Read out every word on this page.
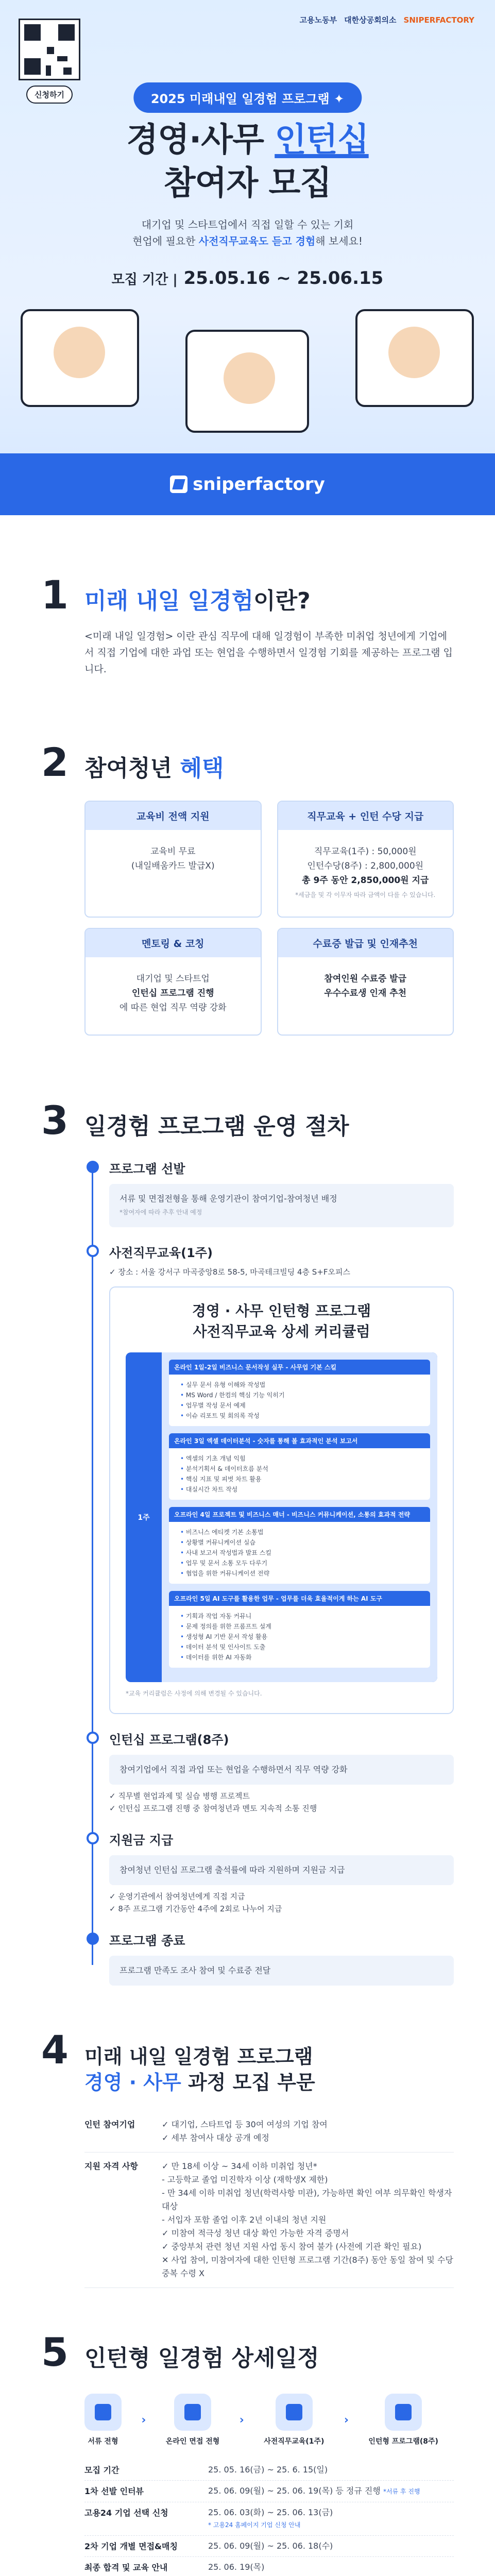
신청하기
고용노동부 대한상공회의소 SNIPERFACTORY
2025 미래내일 일경험 프로그램 ✦
경영·사무 인턴십
참여자 모집
대기업 및 스타트업에서 직접 일할 수 있는 기회
현업에 필요한 사전직무교육도 듣고 경험해 보세요!
모집 기간 | 25.05.16 ~ 25.06.15
sniperfactory
1 미래 내일 일경험이란?
<미래 내일 일경험> 이란 관심 직무에 대해 일경험이 부족한 미취업 청년에게 기업에서 직접 기업에 대한 과업 또는 현업을 수행하면서 일경험 기회를 제공하는 프로그램 입니다.
2 참여청년 혜택
교육비 전액 지원
교육비 무료
(내일배움카드 발급X)
직무교육 + 인턴 수당 지급
직무교육(1주) : 50,000원
인턴수당(8주) : 2,800,000원
총 9주 동안 2,850,000원 지급
*세금을 및 각 이무자 따라 금액이 다를 수 있습니다.
멘토링 & 코칭
대기업 및 스타트업
인턴십 프로그램 진행
에 따른 현업 직무 역량 강화
수료증 발급 및 인재추천
참여인원 수료증 발급
우수수료생 인재 추천
3 일경험 프로그램 운영 절차
프로그램 선발
서류 및 면접전형을 통해 운영기관이 참여기업-참여청년 배정
*참여자에 따라 추후 안내 예정
사전직무교육(1주)
✓ 장소 : 서울 강서구 마곡중앙8로 58-5, 마곡테크빌딩 4층 S+F오피스
경영 · 사무 인턴형 프로그램
사전직무교육 상세 커리큘럼
1주
온라인 1일-2일 비즈니스 문서작성 실무 - 사무업 기본 스킬
• 실무 문서 유형 이해와 작성법
• MS Word / 한컴의 핵심 기능 익히기
• 업무별 작성 문서 예제
• 이슈 리포트 및 회의록 작성
온라인 3일 엑셀 데이터분석 - 숫자를 통해 볼 효과적인 분석 보고서
• 엑셀의 기초 개념 익힘
• 분석기획서 & 데이터흐름 분석
• 핵심 지표 및 피벗 차트 활용
• 대실시간 차트 작성
오프라인 4일 프로젝트 및 비즈니스 매너 - 비즈니스 커뮤니케이션, 소통의 효과적 전략
• 비즈니스 에티켓 기본 소통법
• 상황별 커뮤니케이션 실습
• 사내 보고서 작성법과 발표 스킬
• 업무 및 문서 소통 모두 다루기
• 협업을 위한 커뮤니케이션 전략
오프라인 5일 AI 도구를 활용한 업무 - 업무를 더욱 효율적이게 하는 AI 도구
• 기획과 작업 자동 커뮤니
• 문제 정의를 위한 프롬프트 설계
• 생성형 AI 기반 문서 작성 활용
• 데이터 분석 및 인사이트 도출
• 데이터를 위한 AI 자동화
*교육 커리큘럼은 사정에 의해 변경될 수 있습니다.
인턴십 프로그램(8주)
참여기업에서 직접 과업 또는 현업을 수행하면서 직무 역량 강화
✓ 직무별 현업과제 및 실습 병행 프로젝트
✓ 인턴십 프로그램 진행 중 참여청년과 멘토 지속적 소통 진행
지원금 지급
참여청년 인턴십 프로그램 출석률에 따라 지원하며 지원금 지급
✓ 운영기관에서 참여청년에게 직접 지급
✓ 8주 프로그램 기간동안 4주에 2회로 나누어 지급
프로그램 종료
프로그램 만족도 조사 참여 및 수료증 전달
4 미래 내일 일경험 프로그램
경영 · 사무 과정 모집 부문
인턴 참여기업	✓ 대기업, 스타트업 등 30여 여성의 기업 참여
✓ 세부 참여사 대상 공개 예정
지원 자격 사항	✓ 만 18세 이상 ~ 34세 이하 미취업 청년*
- 고등학교 졸업 미진학자 이상 (재학생X 제한)
- 만 34세 이하 미취업 청년(학력사항 미관), 가능하면 확인 여부 의무확인 학생자 대상
- 서입자 포함 졸업 이후 2년 이내의 청년 지원
✓ 미참여 적극성 청년 대상 확인 가능한 자격 증명서
✓ 중앙부처 관련 청년 지원 사업 동시 참여 불가 (사전에 기관 확인 필요)
✕ 사업 참여, 미참여자에 대한 인턴형 프로그램 기간(8주) 동안 동일 참여 및 수당 중복 수령 X
5 인턴형 일경험 상세일정
서류 전형
›
온라인 면접 전형
›
사전직무교육(1주)
›
인턴형 프로그램(8주)
모집 기간	25. 05. 16(금) ~ 25. 6. 15(일)
1차 선발 인터뷰	25. 06. 09(월) ~ 25. 06. 19(목) 등 정규 진행 *서류 후 진행
고용24 기업 선택 신청	25. 06. 03(화) ~ 25. 06. 13(금)
* 고용24 홈페이지 기업 신청 안내
2차 기업 개별 면접&매칭	25. 06. 09(월) ~ 25. 06. 18(수)
최종 합격 및 교육 안내	25. 06. 19(목)
